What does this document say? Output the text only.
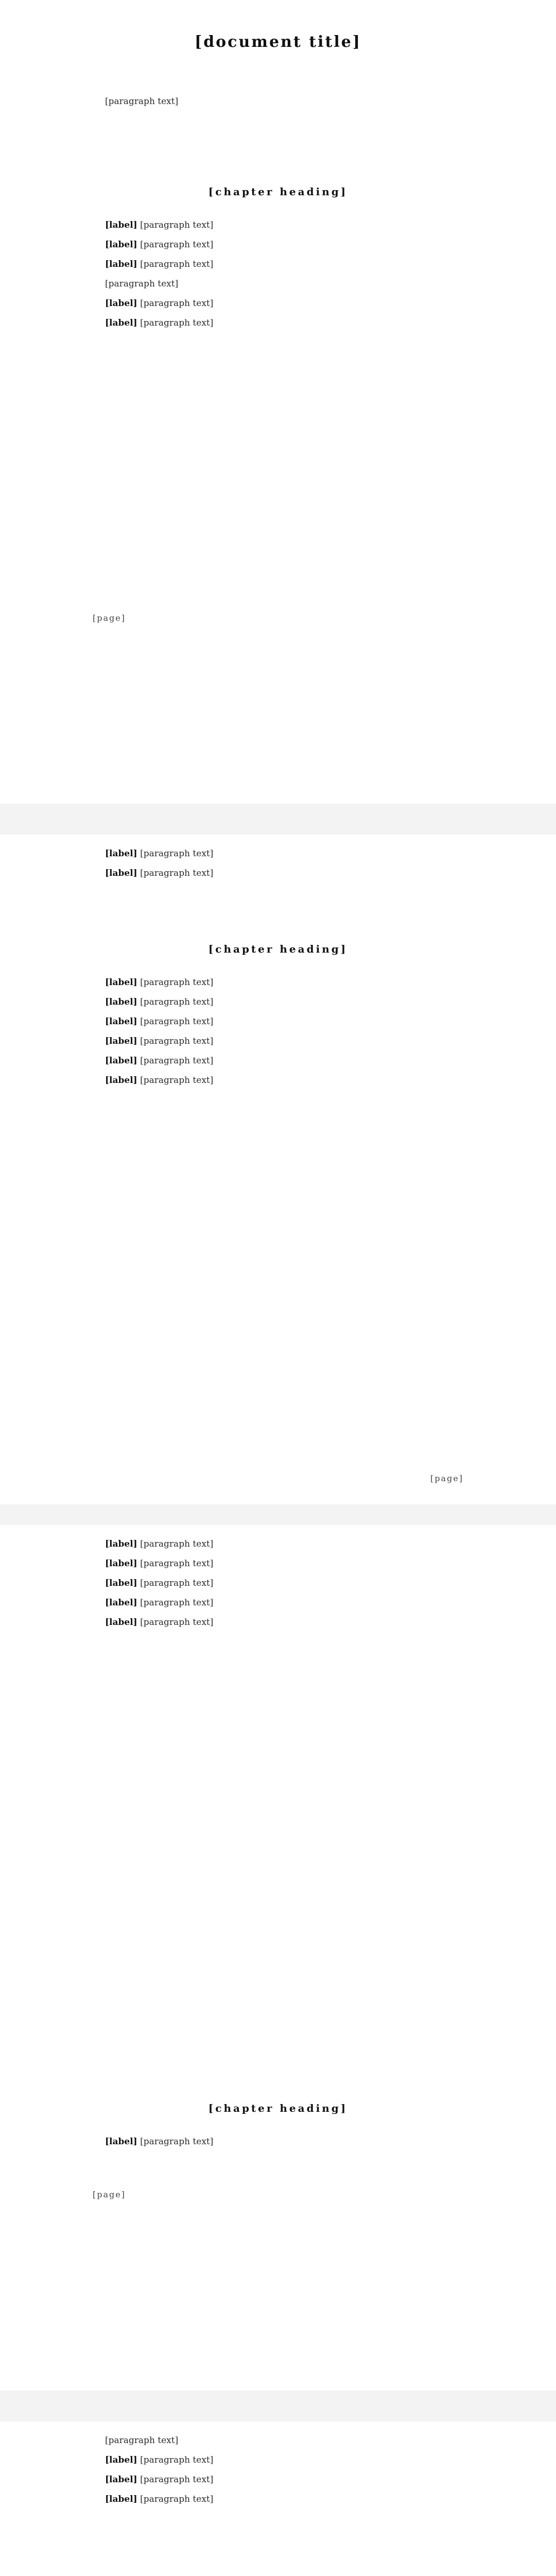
[document title]

[paragraph text]

[chapter heading]

[label] [paragraph text]

[label] [paragraph text]

[label] [paragraph text]

[paragraph text]

[label] [paragraph text]

[label] [paragraph text]

[page]

[label] [paragraph text]

[label] [paragraph text]

[chapter heading]

[label] [paragraph text]

[label] [paragraph text]

[label] [paragraph text]

[label] [paragraph text]

[label] [paragraph text]

[label] [paragraph text]

[page]

[label] [paragraph text]

[label] [paragraph text]

[label] [paragraph text]

[label] [paragraph text]

[label] [paragraph text]

[chapter heading]

[label] [paragraph text]

[page]

[paragraph text]

[label] [paragraph text]

[label] [paragraph text]

[label] [paragraph text]
